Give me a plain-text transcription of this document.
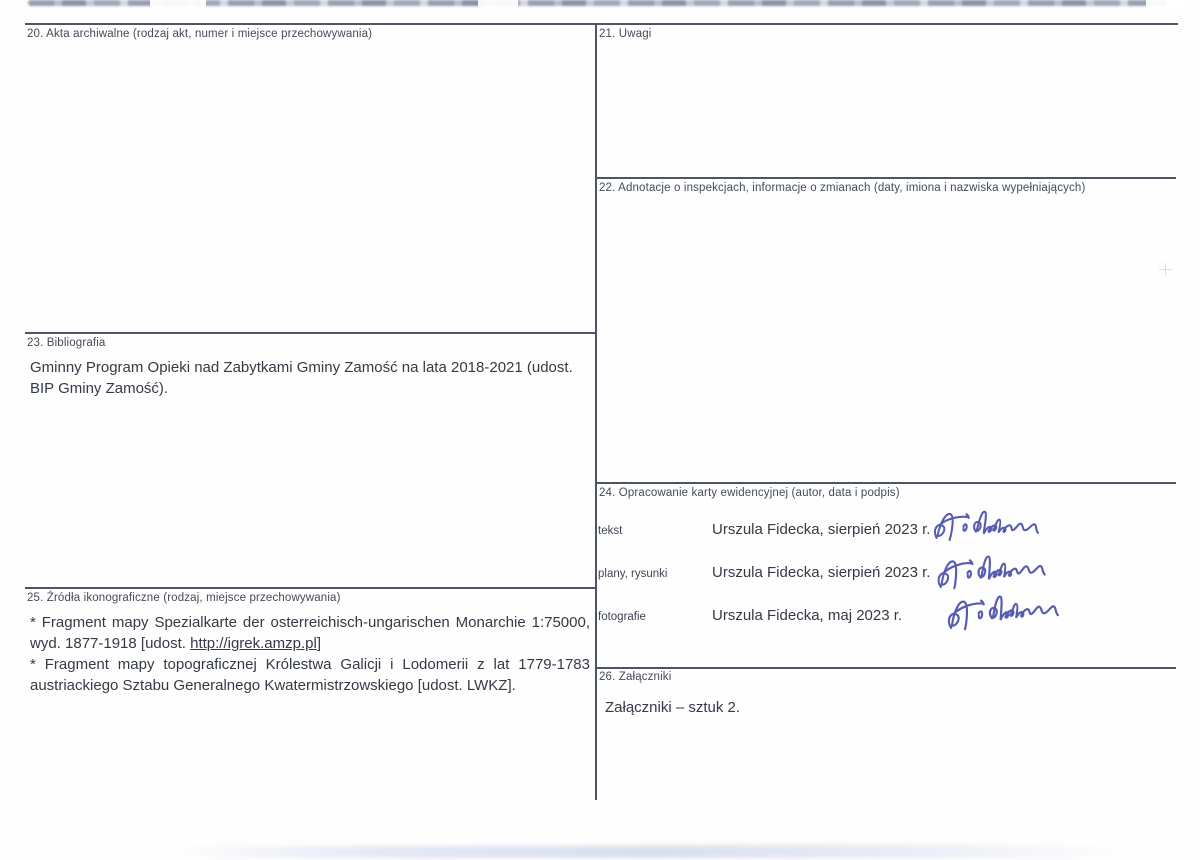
20. Akta archiwalne (rodzaj akt, numer i miejsce przechowywania)	21. Uwagi
22. Adnotacje o inspekcjach, informacje o zmianach (daty, imiona i nazwiska wypełniających)
23. Bibliografia
24. Opracowanie karty ewidencyjnej (autor, data i podpis)
25. Źródła ikonograficzne (rodzaj, miejsce przechowywania)
26. Załączniki
Gminny Program Opieki nad Zabytkami Gminy Zamość na lata 2018-2021 (udost. BIP Gminy Zamość).
tekst	Urszula Fidecka, sierpień 2023 r.
plany, rysunki	Urszula Fidecka, sierpień 2023 r.
fotografie	Urszula Fidecka, maj 2023 r.

* Fragment mapy Spezialkarte der osterreichisch-ungarischen Monarchie 1:75000, wyd. 1877-1918 [udost. http://igrek.amzp.pl]

* Fragment mapy topograficznej Królestwa Galicji i Lodomerii z lat 1779-1783 austriackiego Sztabu Generalnego Kwatermistrzowskiego [udost. LWKZ].

Załączniki – sztuk 2.
